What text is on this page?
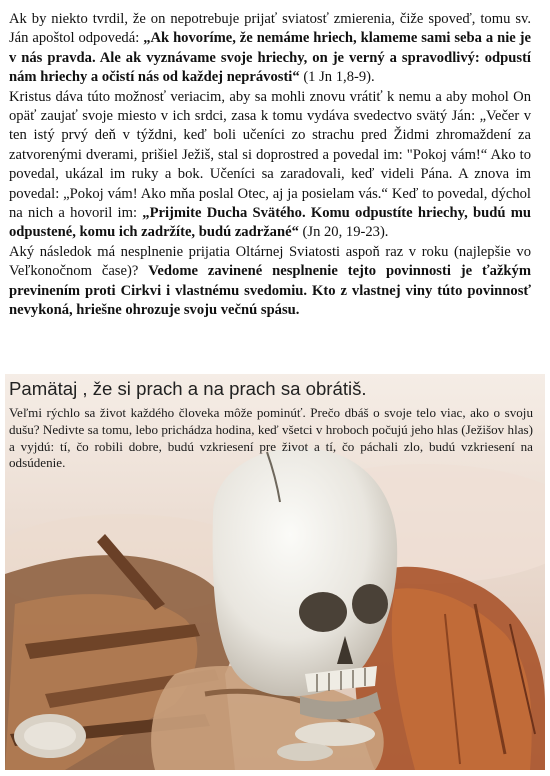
Ak by niekto tvrdil, že on nepotrebuje prijať sviatosť zmierenia, čiže spoveď, tomu sv. Ján apoštol odpovedá: „Ak hovoríme, že nemáme hriech, klameme sami seba a nie je v nás pravda. Ale ak vyznávame svoje hriechy, on je verný a spravodlivý: odpustí nám hriechy a očistí nás od každej neprávosti“ (1 Jn 1,8-9).

Kristus dáva túto možnosť veriacim, aby sa mohli znovu vrátiť k nemu a aby mohol On opäť zaujať svoje miesto v ich srdci, zasa k tomu vydáva svedectvo svätý Ján: „Večer v ten istý prvý deň v týždni, keď boli učeníci zo strachu pred Židmi zhromaždení za zatvorenými dverami, prišiel Ježiš, stal si doprostred a povedal im: "Pokoj vám!“ Ako to povedal, ukázal im ruky a bok. Učeníci sa zaradovali, keď videli Pána. A znova im povedal: „Pokoj vám! Ako mňa poslal Otec, aj ja posielam vás.“ Keď to povedal, dýchol na nich a hovoril im: „Prijmite Ducha Svätého. Komu odpustíte hriechy, budú mu odpustené, komu ich zadržíte, budú zadržané“ (Jn 20, 19-23).

Aký následok má nesplnenie prijatia Oltárnej Sviatosti aspoň raz v roku (najlepšie vo Veľkonočnom čase)? Vedome zavinené nesplnenie tejto povinnosti je ťažkým previnením proti Cirkvi i vlastnému svedomiu. Kto z vlastnej viny túto povinnosť nevykoná, hriešne ohrozuje svoju večnú spásu.

Pamätaj , že si prach a na prach sa obrátiš.

Veľmi rýchlo sa život každého človeka môže pominúť. Prečo dbáš o svoje telo viac, ako o svoju dušu? Nedivte sa tomu, lebo prichádza hodina, keď všetci v hroboch počujú jeho hlas (Ježišov hlas) a vyjdú: tí, čo robili dobre, budú vzkriesení pre život a tí, čo páchali zlo, budú vzkriesení na odsúdenie.
